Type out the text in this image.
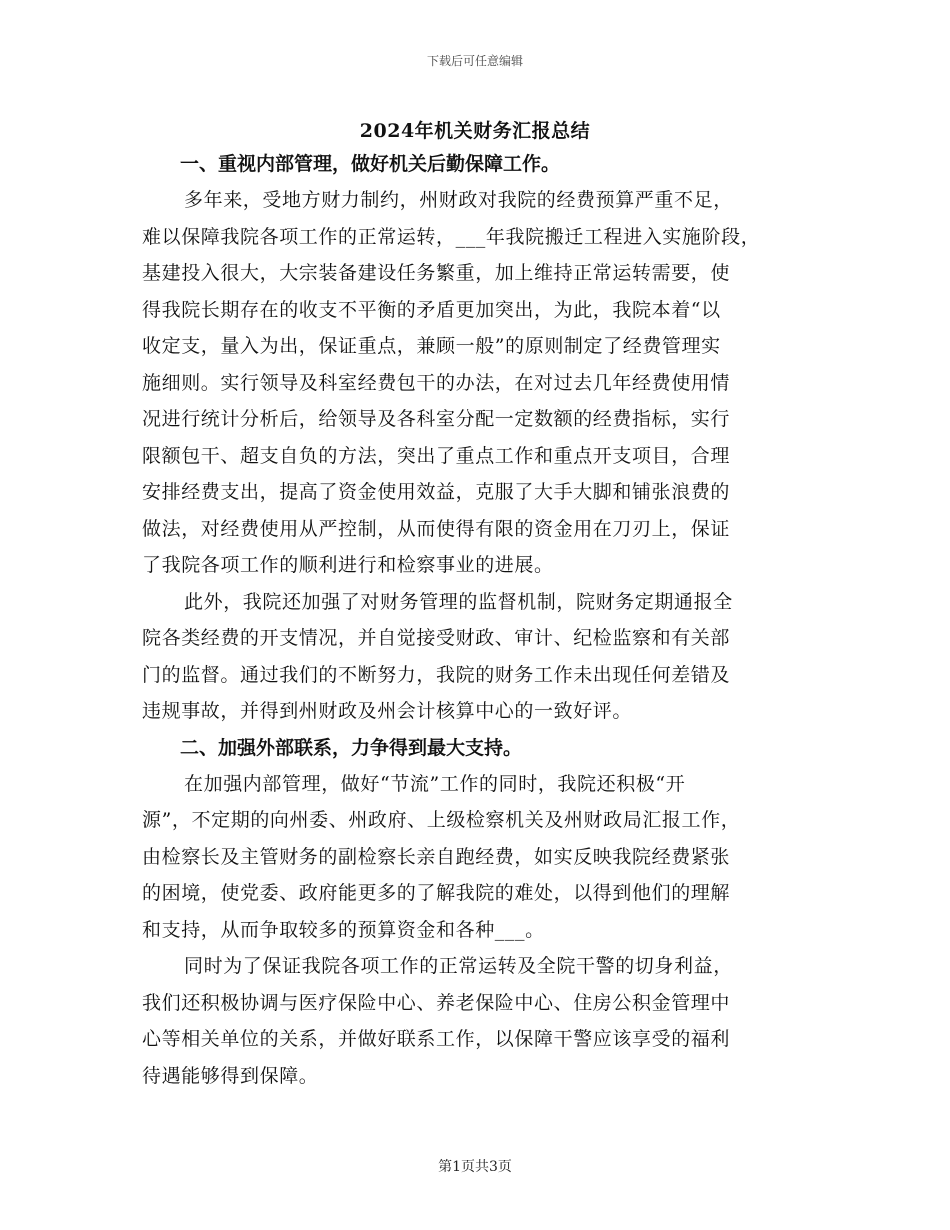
下载后可任意编辑
2024年机关财务汇报总结
一、重视内部管理，做好机关后勤保障工作。
多年来，受地方财力制约，州财政对我院的经费预算严重不足，
难以保障我院各项工作的正常运转，___年我院搬迁工程进入实施阶段，
基建投入很大，大宗装备建设任务繁重，加上维持正常运转需要，使
得我院长期存在的收支不平衡的矛盾更加突出，为此，我院本着“以
收定支，量入为出，保证重点，兼顾一般”的原则制定了经费管理实
施细则。实行领导及科室经费包干的办法，在对过去几年经费使用情
况进行统计分析后，给领导及各科室分配一定数额的经费指标，实行
限额包干、超支自负的方法，突出了重点工作和重点开支项目，合理
安排经费支出，提高了资金使用效益，克服了大手大脚和铺张浪费的
做法，对经费使用从严控制，从而使得有限的资金用在刀刃上，保证
了我院各项工作的顺利进行和检察事业的进展。
此外，我院还加强了对财务管理的监督机制，院财务定期通报全
院各类经费的开支情况，并自觉接受财政、审计、纪检监察和有关部
门的监督。通过我们的不断努力，我院的财务工作未出现任何差错及
违规事故，并得到州财政及州会计核算中心的一致好评。
二、加强外部联系，力争得到最大支持。
在加强内部管理，做好“节流”工作的同时，我院还积极“开
源”，不定期的向州委、州政府、上级检察机关及州财政局汇报工作，
由检察长及主管财务的副检察长亲自跑经费，如实反映我院经费紧张
的困境，使党委、政府能更多的了解我院的难处，以得到他们的理解
和支持，从而争取较多的预算资金和各种___。
同时为了保证我院各项工作的正常运转及全院干警的切身利益，
我们还积极协调与医疗保险中心、养老保险中心、住房公积金管理中
心等相关单位的关系，并做好联系工作，以保障干警应该享受的福利
待遇能够得到保障。
第1页共3页
